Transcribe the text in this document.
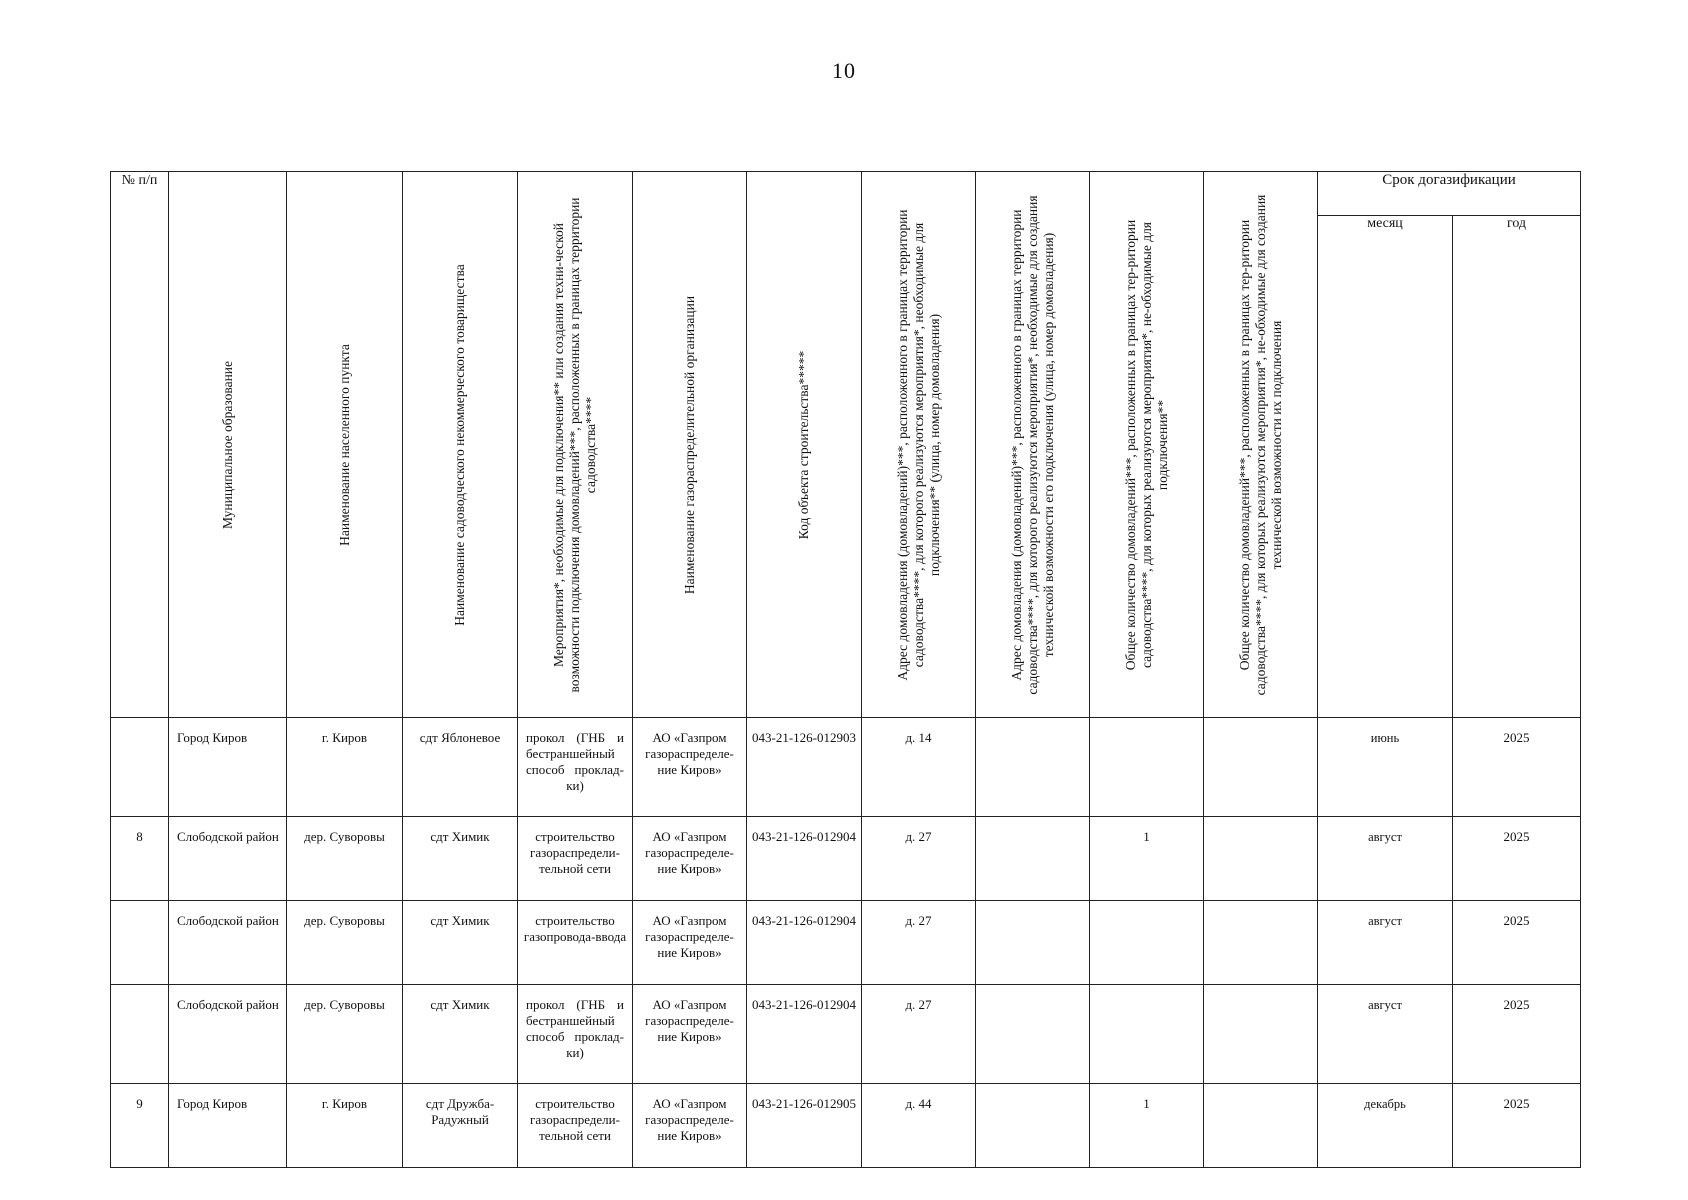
10
№ п/п	Муниципальное образование	Наименование населенного пункта	Наименование садоводческого некоммерческого товарищества	Мероприятия*, необходимые для подключения** или создания техни-ческой возможности подключения домовладений***, расположенных в границах территории садоводства****	Наименование газораспределительной организации	Код объекта строительства*****	Адрес домовладения (домовладений)***, расположенного в границах территории садоводства****, для которого реализуются мероприятия*, необходимые для подключения** (улица, номер домовладения)	Адрес домовладения (домовладений)***, расположенного в границах территории садоводства****, для которого реализуются мероприятия*, необходимые для создания технической возможности его подключения (улица, номер домовладения)	Общее количество домовладений***, расположенных в границах тер-ритории садоводства****, для которых реализуются мероприятия*, не-обходимые для подключения**	Общее количество домовладений***, расположенных в границах тер-ритории садоводства****, для которых реализуются мероприятия*, не-обходимые для создания технической возможности их подключения	Срок догазификации	
											месяц	год
	Город Киров	г. Киров	сдт Яблоневое	прокол (ГНБ и бестраншейный способ проклад-ки)	АО «Газпром газораспределе-ние Киров»	043-21-126-012903	д. 14				июнь	2025
8	Слободской район	дер. Суворовы	сдт Химик	строительство газораспредели-тельной сети	АО «Газпром газораспределе-ние Киров»	043-21-126-012904	д. 27		1		август	2025
	Слободской район	дер. Суворовы	сдт Химик	строительство газопровода-ввода	АО «Газпром газораспределе-ние Киров»	043-21-126-012904	д. 27				август	2025
	Слободской район	дер. Суворовы	сдт Химик	прокол (ГНБ и бестраншейный способ проклад-ки)	АО «Газпром газораспределе-ние Киров»	043-21-126-012904	д. 27				август	2025
9	Город Киров	г. Киров	сдт Дружба-Радужный	строительство газораспредели-тельной сети	АО «Газпром газораспределе-ние Киров»	043-21-126-012905	д. 44		1		декабрь	2025
